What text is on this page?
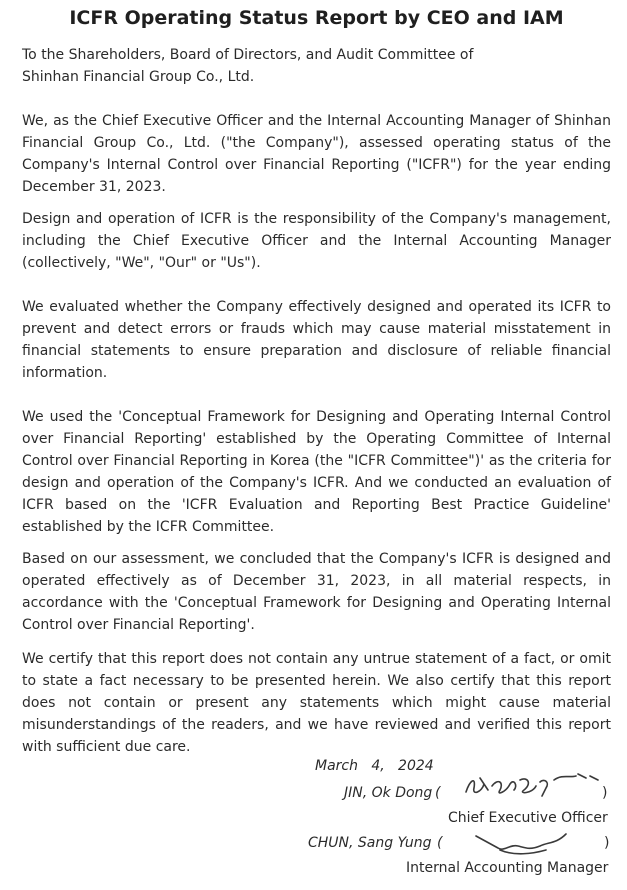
ICFR Operating Status Report by CEO and IAM
To the Shareholders, Board of Directors, and Audit Committee of
Shinhan Financial Group Co., Ltd.
We, as the Chief Executive Officer and the Internal Accounting Manager of Shinhan Financial Group Co., Ltd. ("the Company"), assessed operating status of the Company's Internal Control over Financial Reporting ("ICFR") for the year ending December 31, 2023.
Design and operation of ICFR is the responsibility of the Company's management, including the Chief Executive Officer and the Internal Accounting Manager (collectively, "We", "Our" or "Us").
We evaluated whether the Company effectively designed and operated its ICFR to prevent and detect errors or frauds which may cause material misstatement in financial statements to ensure preparation and disclosure of reliable financial information.
We used the 'Conceptual Framework for Designing and Operating Internal Control over Financial Reporting' established by the Operating Committee of Internal Control over Financial Reporting in Korea (the "ICFR Committee")' as the criteria for design and operation of the Company's ICFR. And we conducted an evaluation of ICFR based on the 'ICFR Evaluation and Reporting Best Practice Guideline' established by the ICFR Committee.
Based on our assessment, we concluded that the Company's ICFR is designed and operated effectively as of December 31, 2023, in all material respects, in accordance with the 'Conceptual Framework for Designing and Operating Internal Control over Financial Reporting'.
We certify that this report does not contain any untrue statement of a fact, or omit to state a fact necessary to be presented herein. We also certify that this report does not contain or present any statements which might cause material misunderstandings of the readers, and we have reviewed and verified this report with sufficient due care.
March   4,   2024
JIN, Ok Dong (	)
Chief Executive Officer
CHUN, Sang Yung (	)
Internal Accounting Manager
